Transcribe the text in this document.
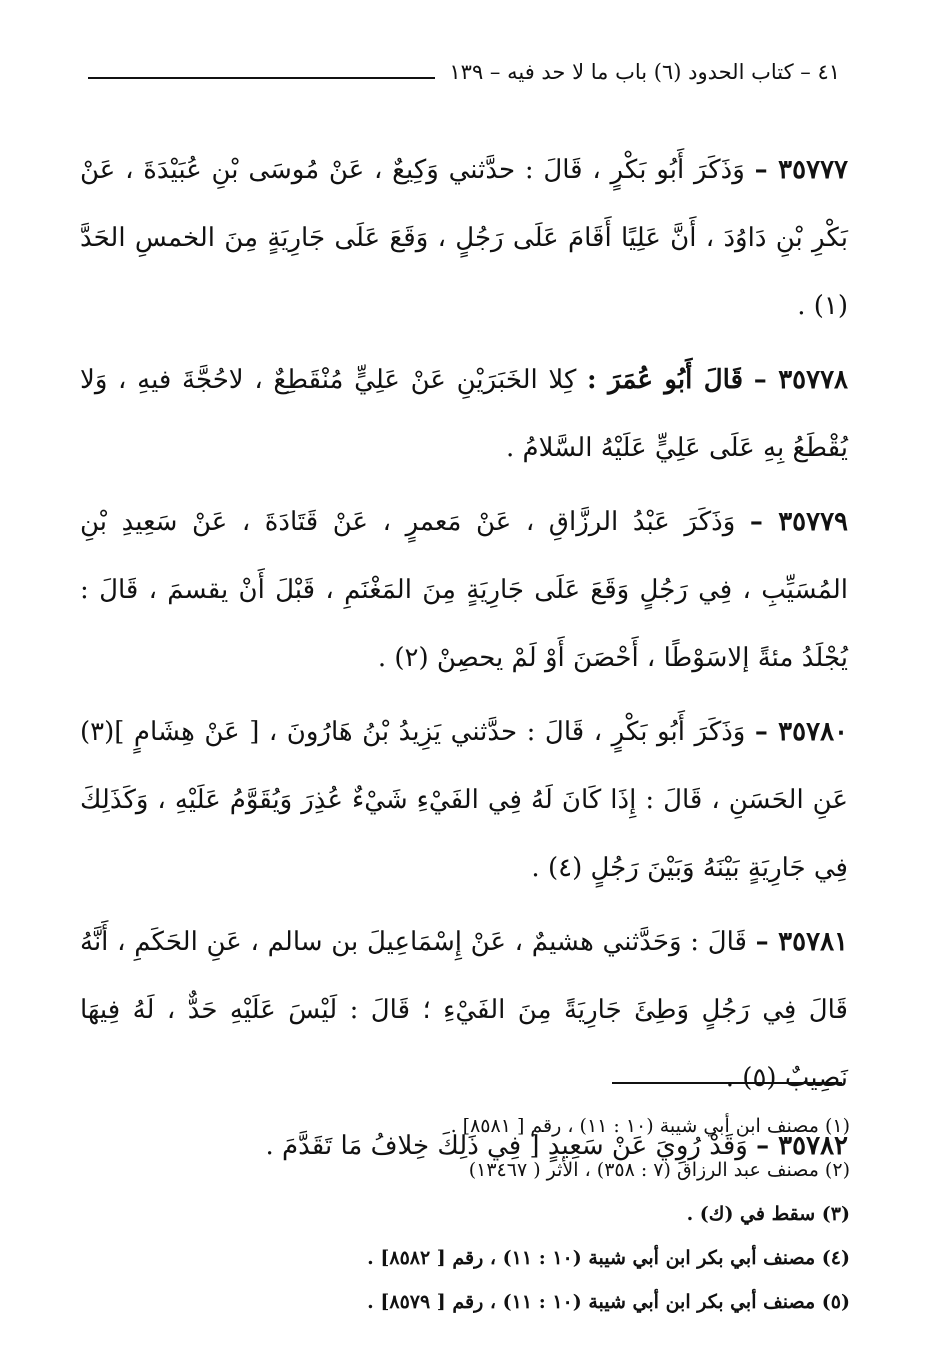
٤١ – كتاب الحدود (٦) باب ما لا حد فيه – ١٣٩

٣٥٧٧٧ – وَذَكَرَ أَبُو بَكْرٍ ، قَالَ : حدَّثني وَكِيعٌ ، عَنْ مُوسَى بْنِ عُبَيْدَةَ ، عَنْ بَكْرِ بْنِ دَاوُدَ ، أَنَّ عَلِيًا أَقَامَ عَلَى رَجُلٍ ، وَقَعَ عَلَى جَارِيَةٍ مِنَ الخمسِ الحَدَّ (١) .

٣٥٧٧٨ – قَالَ أَبُو عُمَرَ : كِلا الخَبَرَيْنِ عَنْ عَلِيٍّ مُنْقَطِعٌ ، لاحُجَّةَ فيهِ ، وَلا يُقْطَعُ بِهِ عَلَى عَلِيٍّ عَلَيْهُ السَّلامُ .

٣٥٧٧٩ – وَذَكَرَ عَبْدُ الرزَّاقِ ، عَنْ مَعمرٍ ، عَنْ قَتَادَةَ ، عَنْ سَعِيدِ بْنِ المُسَيِّبِ ، فِي رَجُلٍ وَقَعَ عَلَى جَارِيَةٍ مِنَ المَغْنَمِ ، قَبْلَ أَنْ يقسمَ ، قَالَ : يُجْلَدُ مئةً إلاسَوْطًا ، أَحْصَنَ أَوْ لَمْ يحصِنْ (٢) .

٣٥٧٨٠ – وَذَكَرَ أَبُو بَكْرٍ ، قَالَ : حدَّثني يَزِيدُ بْنُ هَارُونَ ، [ عَنْ هِشَامٍ ](٣) عَنِ الحَسَنِ ، قَالَ : إِذَا كَانَ لَهُ فِي الفَيْءِ شَيْءٌ عُذِرَ وَيُقَوَّمُ عَلَيْهِ ، وَكَذَلِكَ فِي جَارِيَةٍ بَيْنَهُ وَبَيْنَ رَجُلٍ (٤) .

٣٥٧٨١ – قَالَ : وَحَدَّثني هشيمٌ ، عَنْ إِسْمَاعِيلَ بن سالم ، عَنِ الحَكَمِ ، أَنَّهُ قَالَ فِي رَجُلٍ وَطِئَ جَارِيَةً مِنَ الفَيْءِ ؛ قَالَ : لَيْسَ عَلَيْهِ حَدٌّ ، لَهُ فِيهَا نَصِيبٌ (٥) .

٣٥٧٨٢ – وَقَدْ رُوِيَ عَنْ سَعِيدٍ [ فِي ذَلِكَ خِلافُ مَا تَقَدَّمَ .

(١) مصنف ابن أبي شيبة (١٠ : ١١) ، رقم [ ٨٥٨١] .
(٢) مصنف عبد الرزاق (٧ : ٣٥٨) ، الأثر ( ١٣٤٦٧)
(٣) سقط في (ك) .
(٤) مصنف أبي بكر ابن أبي شيبة (١٠ : ١١) ، رقم [ ٨٥٨٢] .
(٥) مصنف أبي بكر ابن أبي شيبة (١٠ : ١١) ، رقم [ ٨٥٧٩] .
